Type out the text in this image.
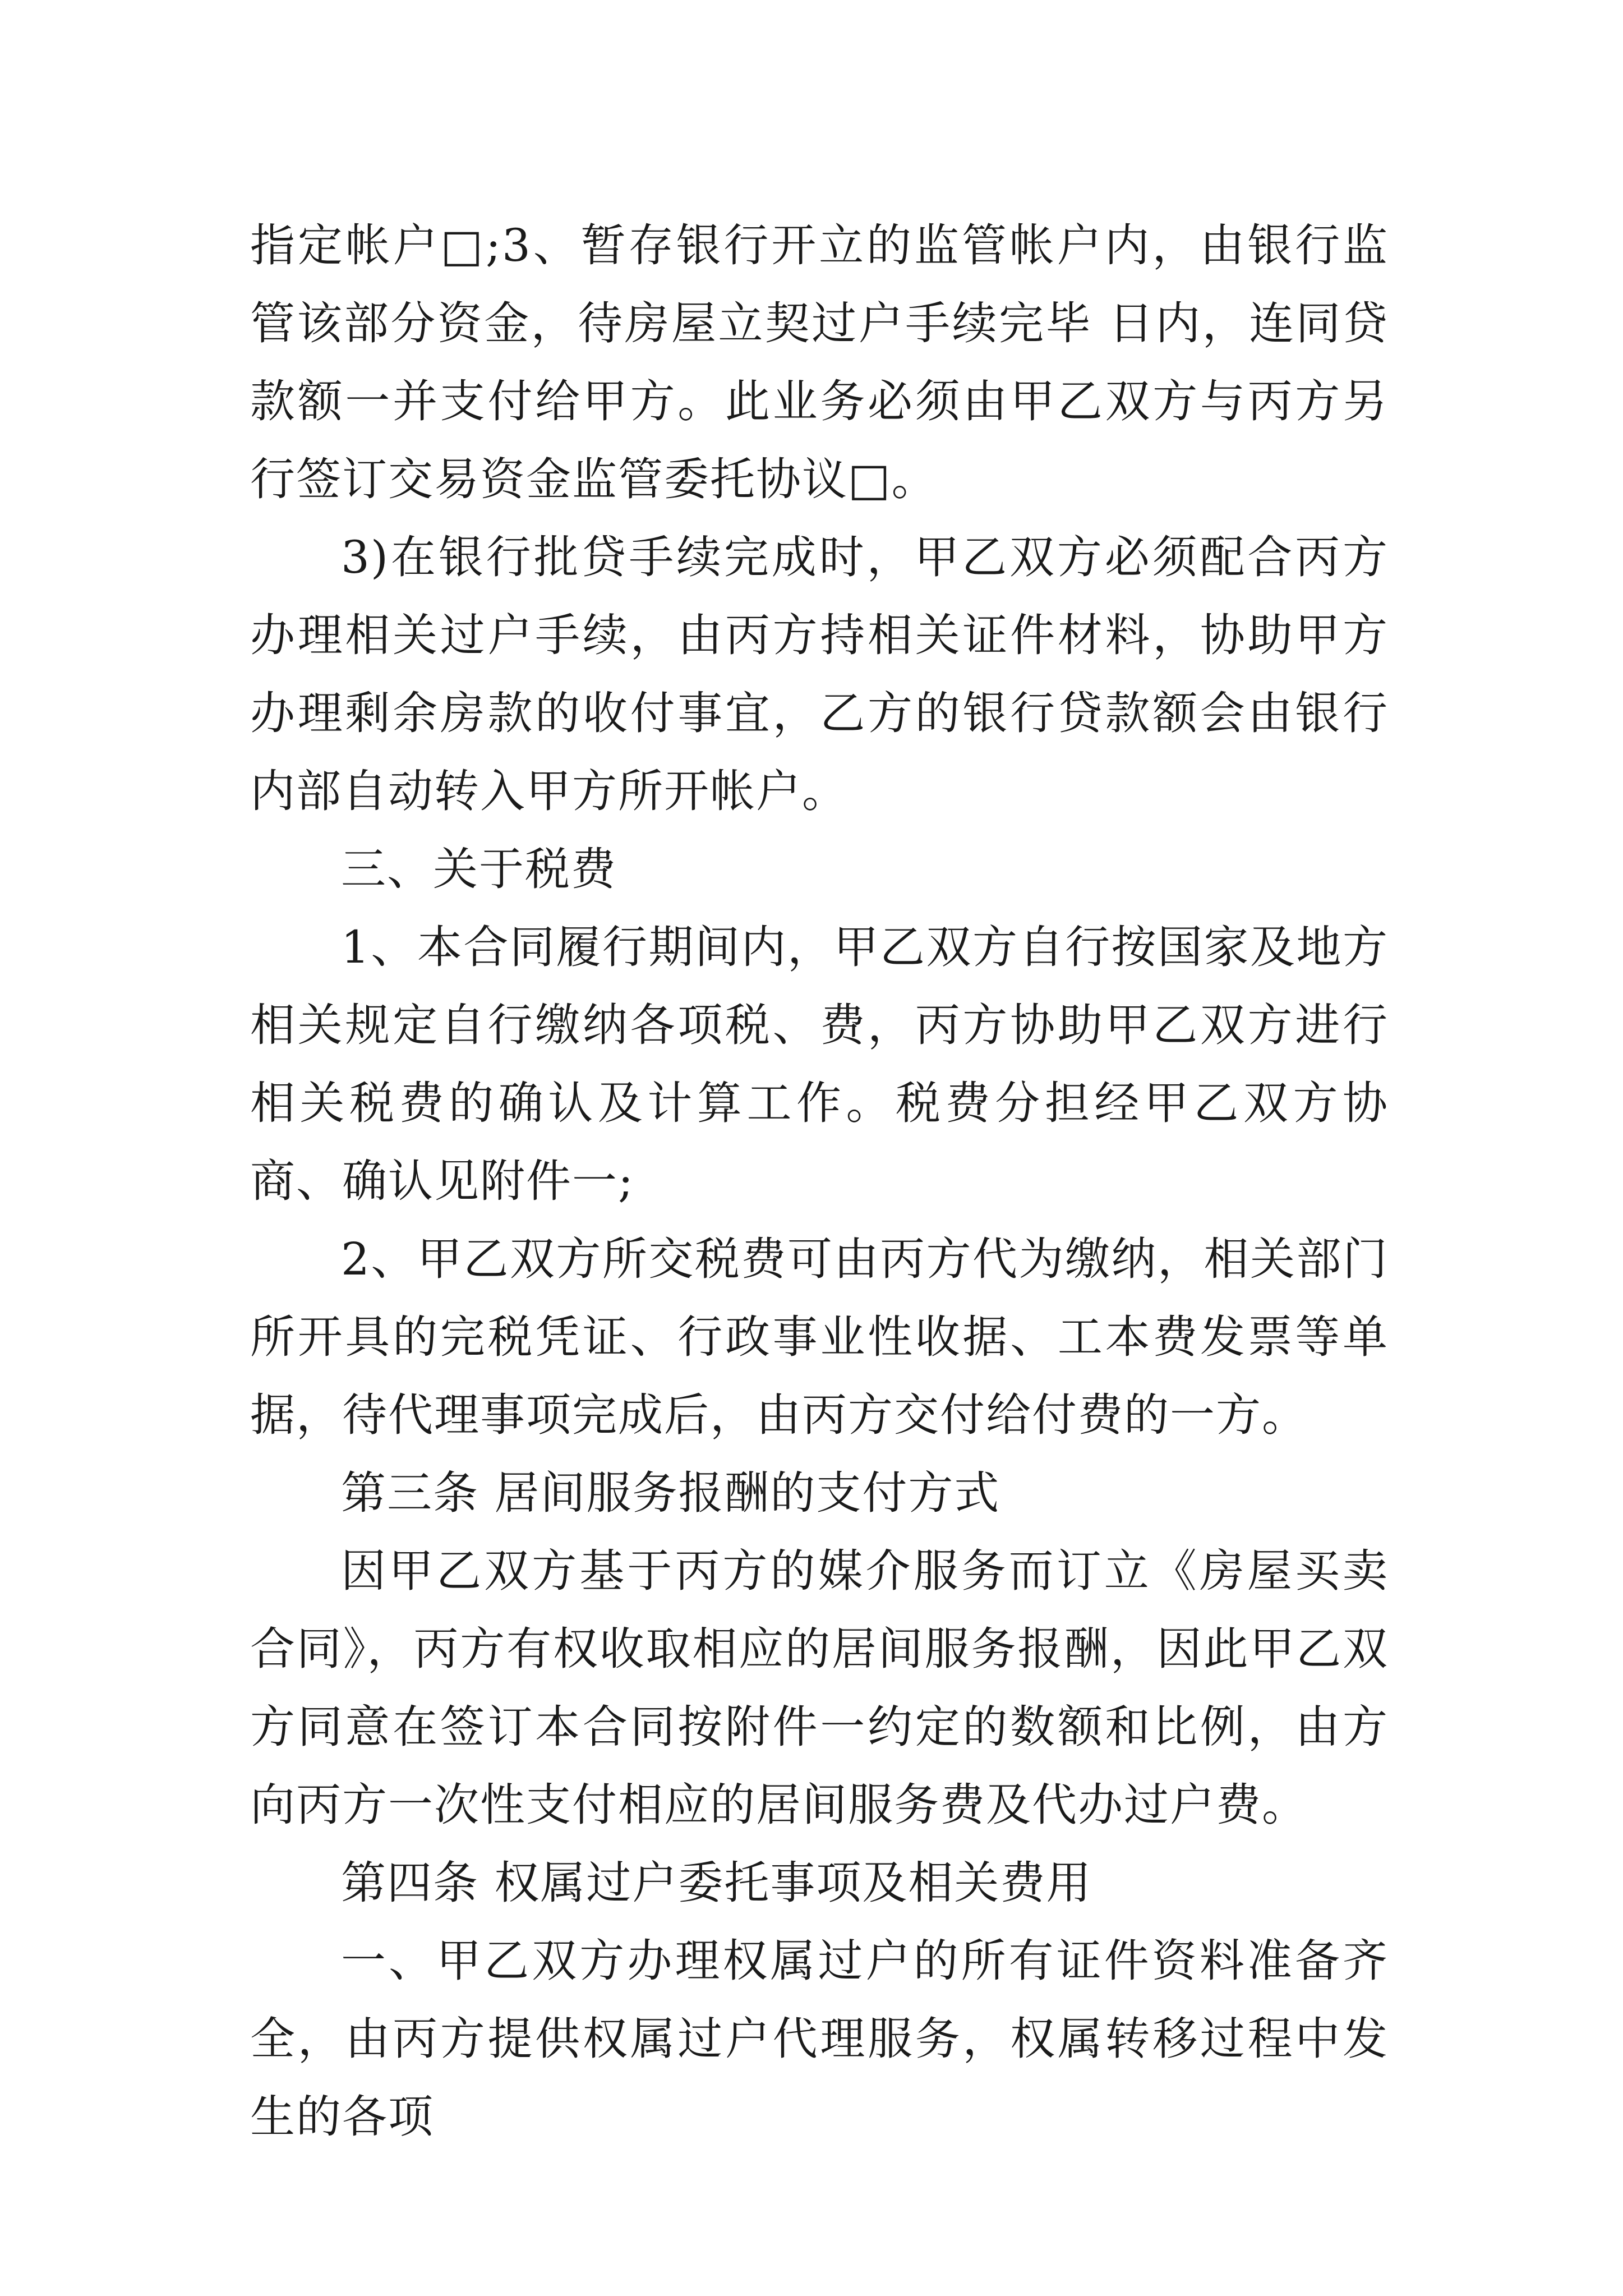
指定帐户□;3、暂存银行开立的监管帐户内，由银行监管该部分资金，待房屋立契过户手续完毕 日内，连同贷款额一并支付给甲方。此业务必须由甲乙双方与丙方另行签订交易资金监管委托协议□。

3)在银行批贷手续完成时，甲乙双方必须配合丙方办理相关过户手续，由丙方持相关证件材料，协助甲方办理剩余房款的收付事宜，乙方的银行贷款额会由银行内部自动转入甲方所开帐户。

三、关于税费

1、本合同履行期间内，甲乙双方自行按国家及地方相关规定自行缴纳各项税、费，丙方协助甲乙双方进行相关税费的确认及计算工作。税费分担经甲乙双方协商、确认见附件一;

2、甲乙双方所交税费可由丙方代为缴纳，相关部门所开具的完税凭证、行政事业性收据、工本费发票等单据，待代理事项完成后，由丙方交付给付费的一方。

第三条 居间服务报酬的支付方式

因甲乙双方基于丙方的媒介服务而订立《房屋买卖合同》，丙方有权收取相应的居间服务报酬，因此甲乙双方同意在签订本合同按附件一约定的数额和比例，由方向丙方一次性支付相应的居间服务费及代办过户费。

第四条 权属过户委托事项及相关费用

一、甲乙双方办理权属过户的所有证件资料准备齐全，由丙方提供权属过户代理服务，权属转移过程中发生的各项
